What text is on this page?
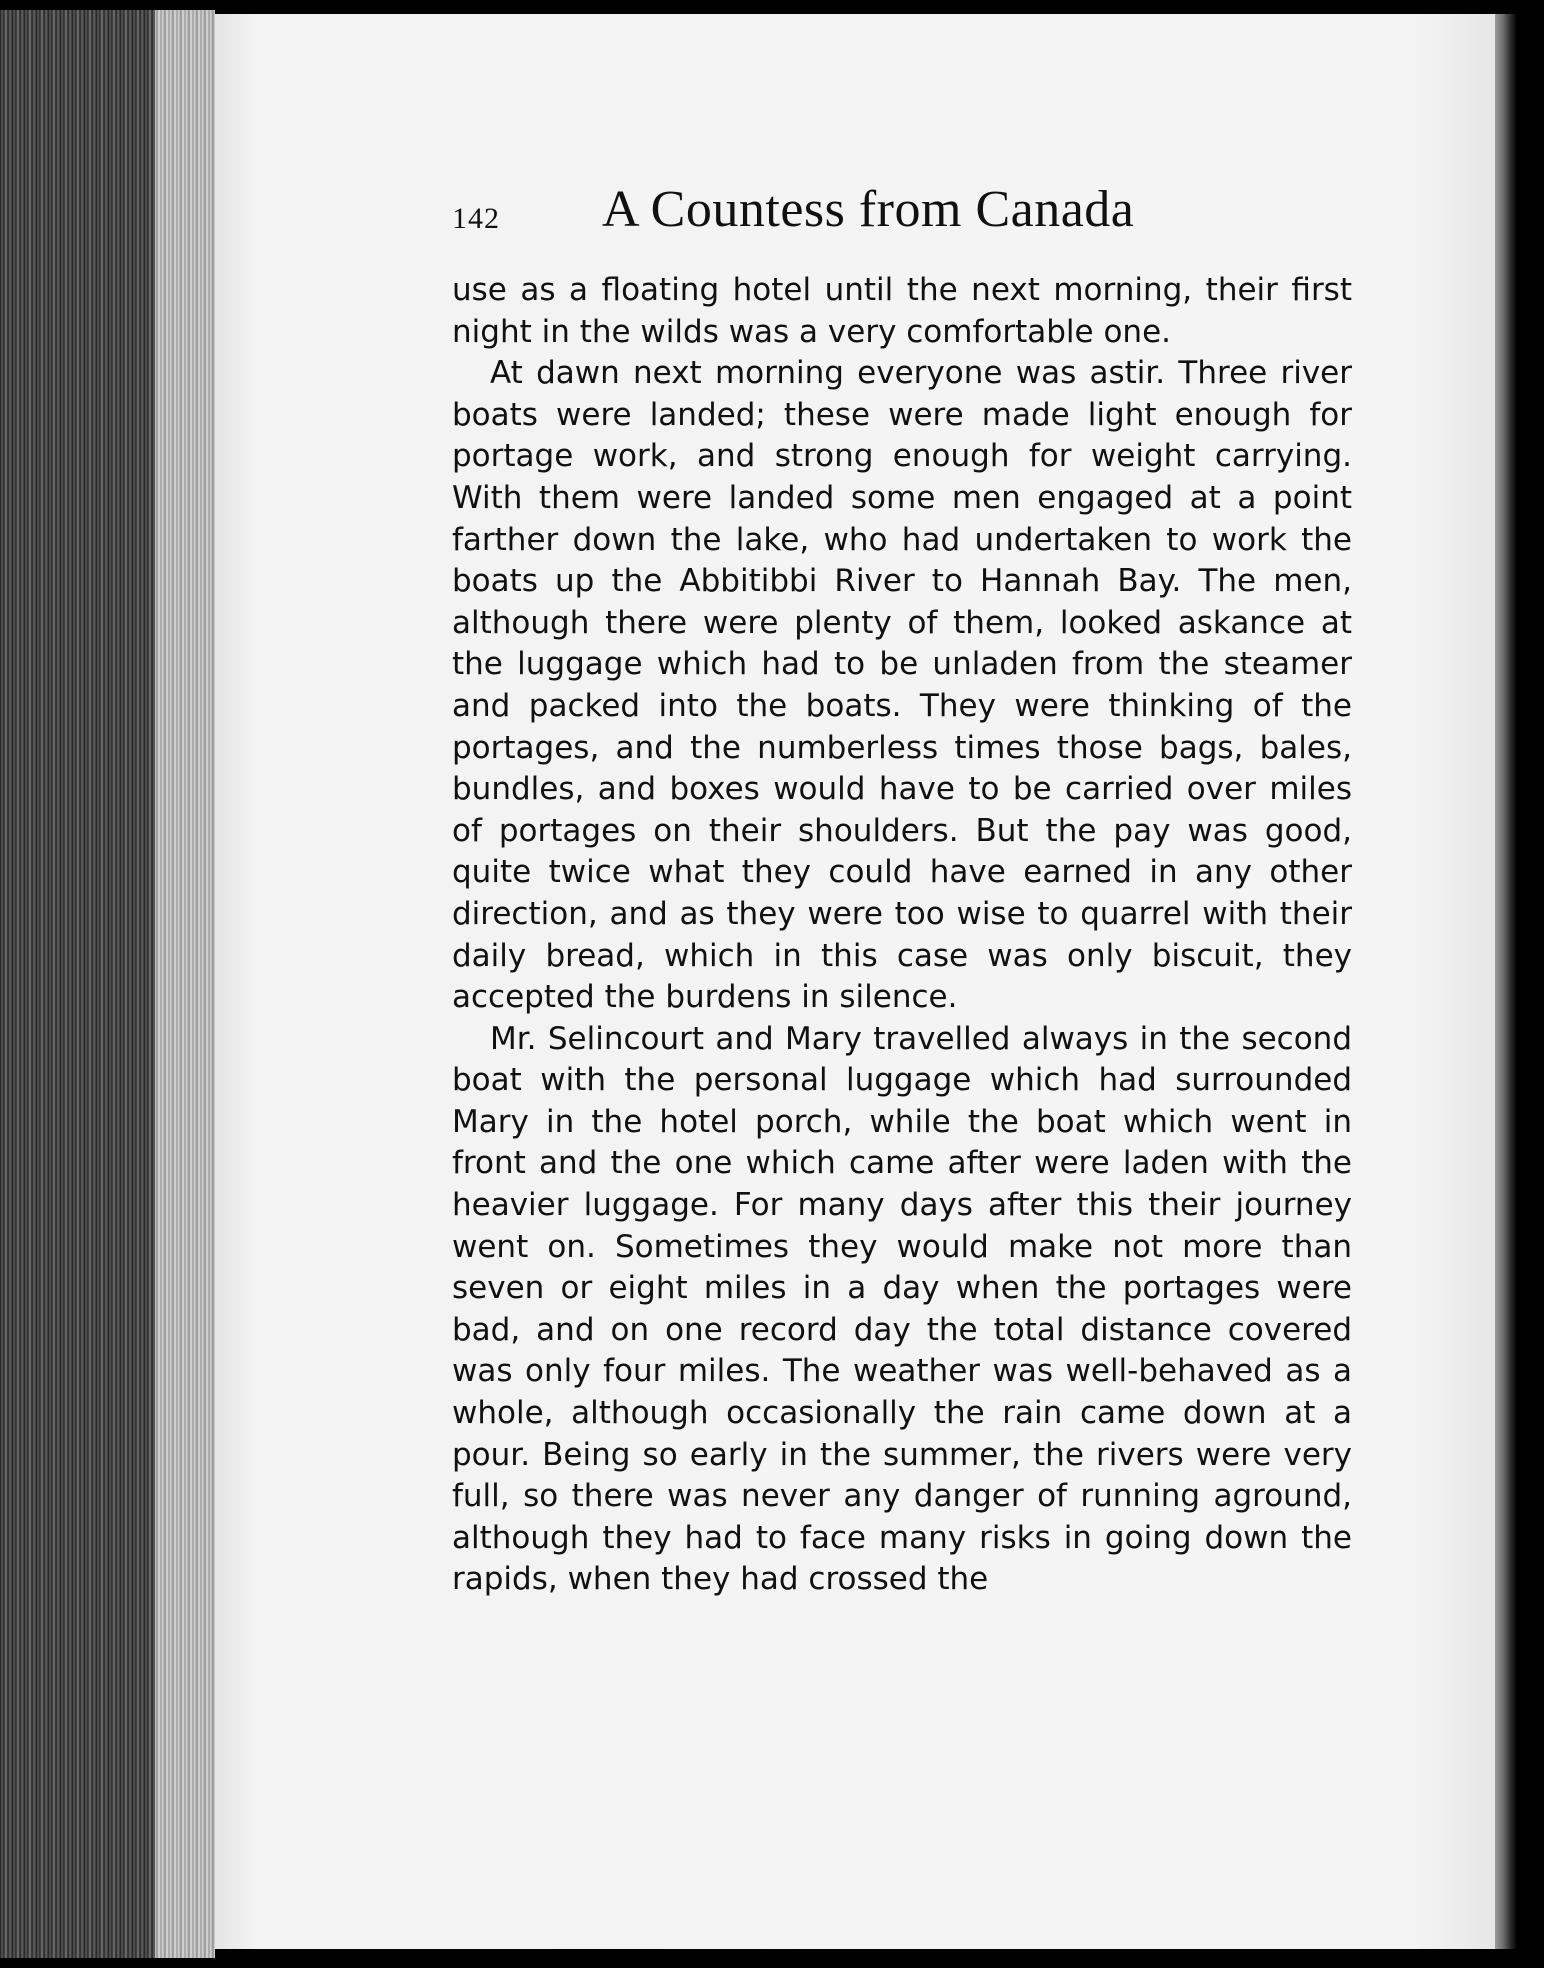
142 A Countess from Canada

use as a floating hotel until the next morning, their first night in the wilds was a very comfortable one.

At dawn next morning everyone was astir. Three river boats were landed; these were made light enough for portage work, and strong enough for weight carrying. With them were landed some men engaged at a point farther down the lake, who had undertaken to work the boats up the Abbitibbi River to Hannah Bay. The men, although there were plenty of them, looked askance at the luggage which had to be unladen from the steamer and packed into the boats. They were thinking of the portages, and the numberless times those bags, bales, bundles, and boxes would have to be carried over miles of portages on their shoulders. But the pay was good, quite twice what they could have earned in any other direction, and as they were too wise to quarrel with their daily bread, which in this case was only biscuit, they accepted the burdens in silence.

Mr. Selincourt and Mary travelled always in the second boat with the personal luggage which had surrounded Mary in the hotel porch, while the boat which went in front and the one which came after were laden with the heavier luggage. For many days after this their journey went on. Sometimes they would make not more than seven or eight miles in a day when the portages were bad, and on one record day the total distance covered was only four miles. The weather was well-behaved as a whole, although occasionally the rain came down at a pour. Being so early in the summer, the rivers were very full, so there was never any danger of running aground, although they had to face many risks in going down the rapids, when they had crossed the
